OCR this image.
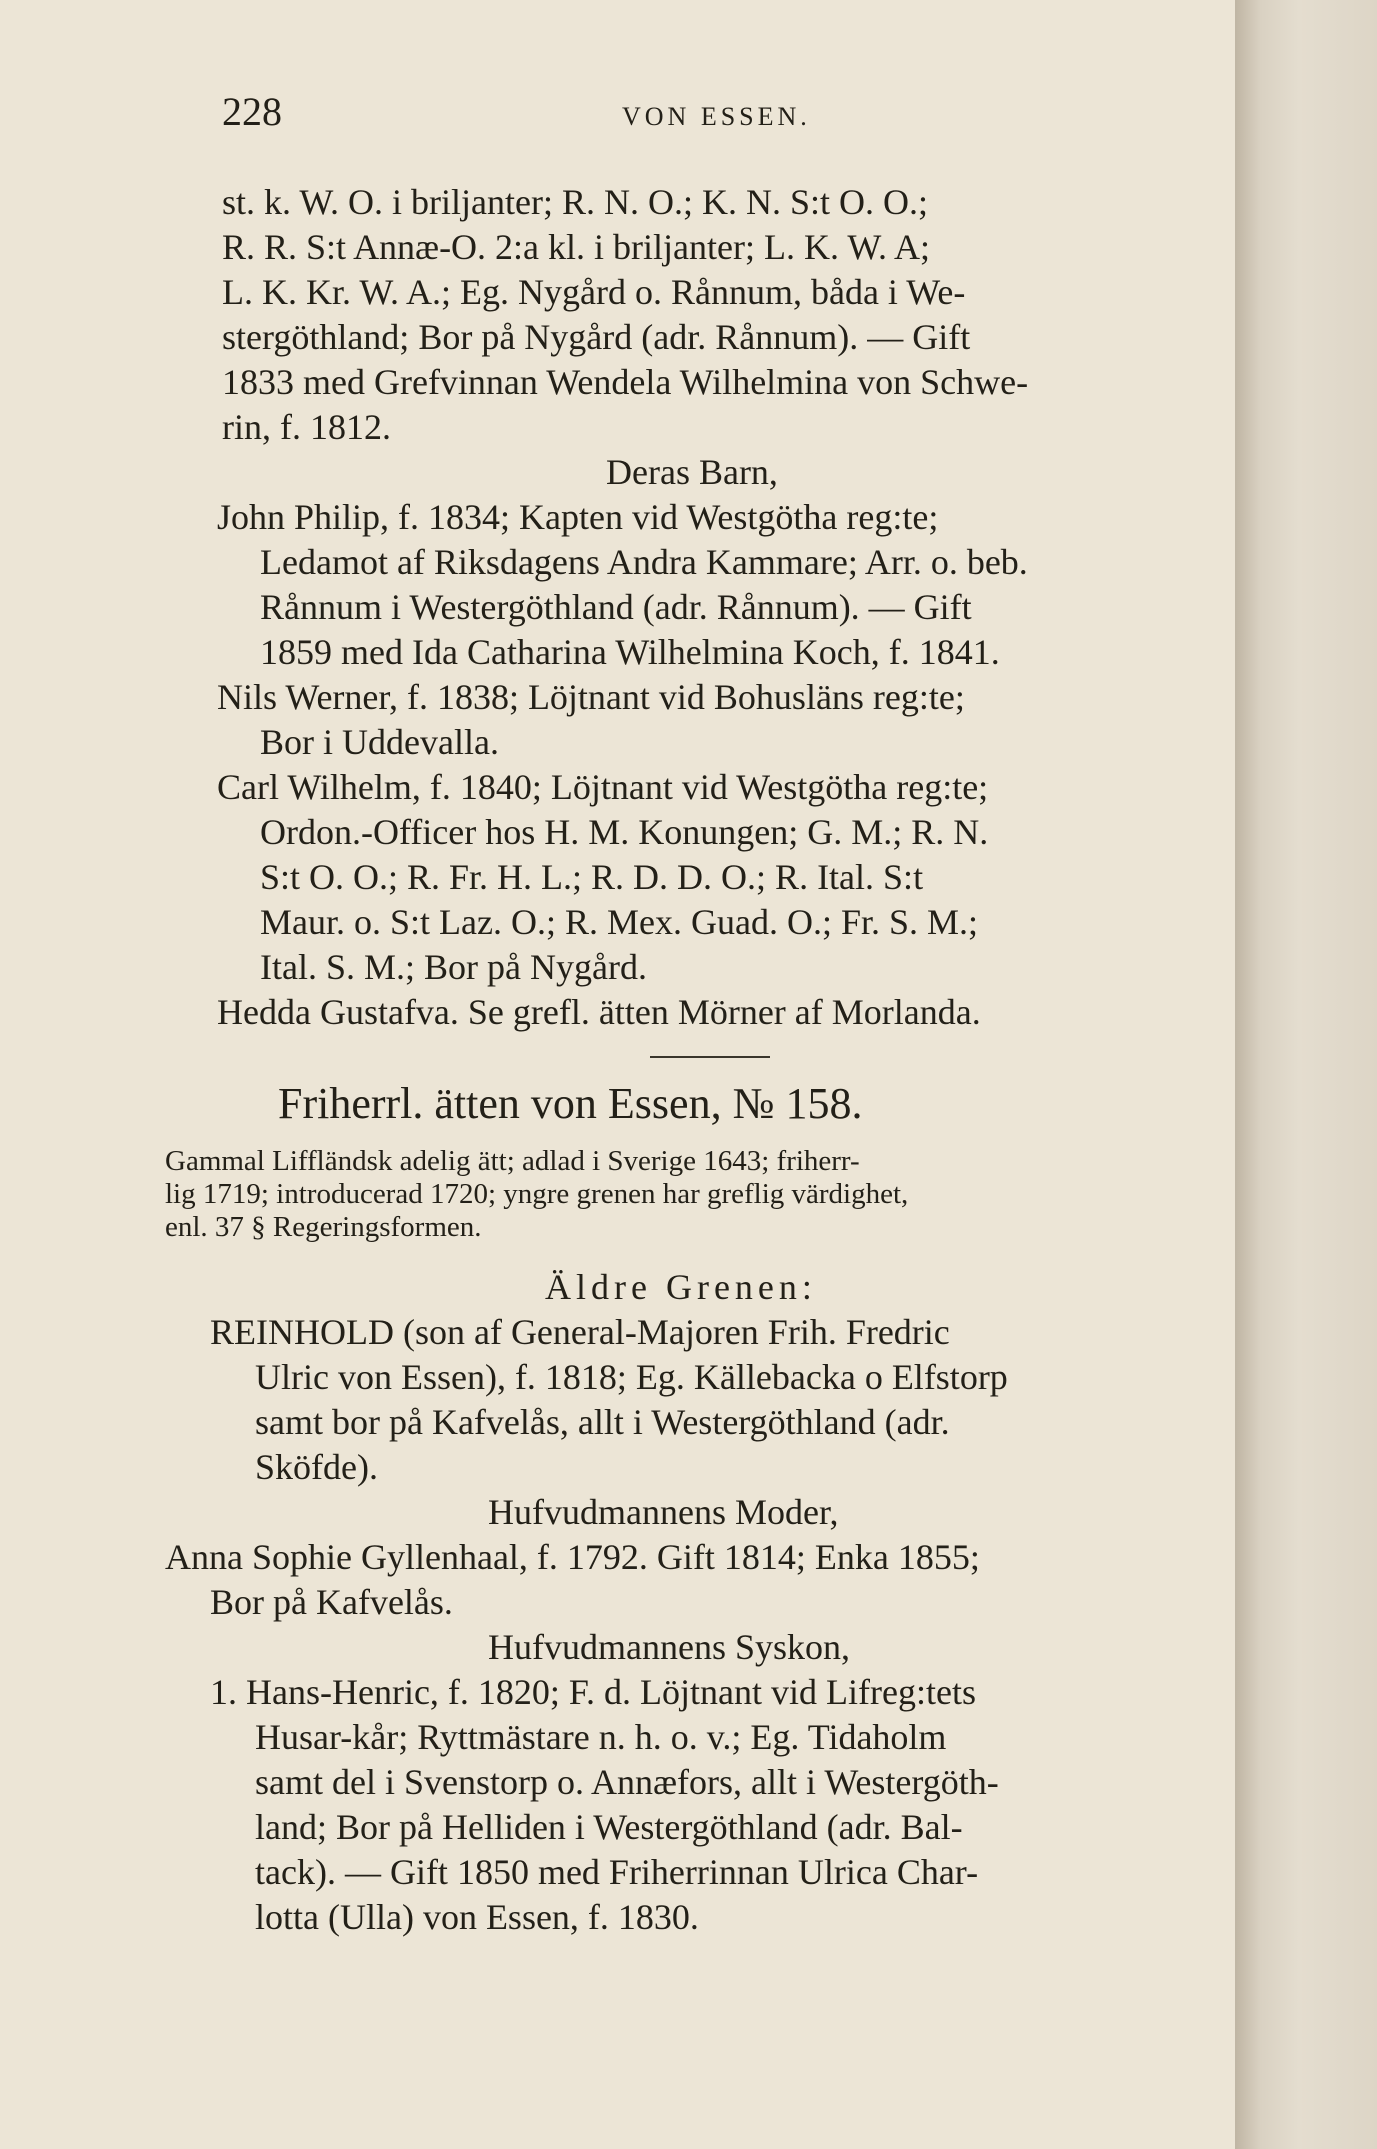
228	VON ESSEN.
st. k. W. O. i briljanter; R. N. O.; K. N. S:t O. O.;
R. R. S:t Annæ-O. 2:a kl. i briljanter; L. K. W. A;
L. K. Kr. W. A.; Eg. Nygård o. Rånnum, båda i We-
stergöthland; Bor på Nygård (adr. Rånnum). — Gift
1833 med Grefvinnan Wendela Wilhelmina von Schwe-
rin, f. 1812.
Deras Barn,
John Philip, f. 1834; Kapten vid Westgötha reg:te;
Ledamot af Riksdagens Andra Kammare; Arr. o. beb.
Rånnum i Westergöthland (adr. Rånnum). — Gift
1859 med Ida Catharina Wilhelmina Koch, f. 1841.
Nils Werner, f. 1838; Löjtnant vid Bohusläns reg:te;
Bor i Uddevalla.
Carl Wilhelm, f. 1840; Löjtnant vid Westgötha reg:te;
Ordon.-Officer hos H. M. Konungen; G. M.; R. N.
S:t O. O.; R. Fr. H. L.; R. D. D. O.; R. Ital. S:t
Maur. o. S:t Laz. O.; R. Mex. Guad. O.; Fr. S. M.;
Ital. S. M.; Bor på Nygård.
Hedda Gustafva. Se grefl. ätten Mörner af Morlanda.
Friherrl. ätten von Essen, № 158.
Gammal Liffländsk adelig ätt; adlad i Sverige 1643; friherr-
lig 1719; introducerad 1720; yngre grenen har greflig värdighet,
enl. 37 § Regeringsformen.
Äldre Grenen:
REINHOLD (son af General-Majoren Frih. Fredric
Ulric von Essen), f. 1818; Eg. Källebacka o Elfstorp
samt bor på Kafvelås, allt i Westergöthland (adr.
Sköfde).
Hufvudmannens Moder,
Anna Sophie Gyllenhaal, f. 1792. Gift 1814; Enka 1855;
Bor på Kafvelås.
Hufvudmannens Syskon,
1. Hans-Henric, f. 1820; F. d. Löjtnant vid Lifreg:tets
Husar-kår; Ryttmästare n. h. o. v.; Eg. Tidaholm
samt del i Svenstorp o. Annæfors, allt i Westergöth-
land; Bor på Helliden i Westergöthland (adr. Bal-
tack). — Gift 1850 med Friherrinnan Ulrica Char-
lotta (Ulla) von Essen, f. 1830.
